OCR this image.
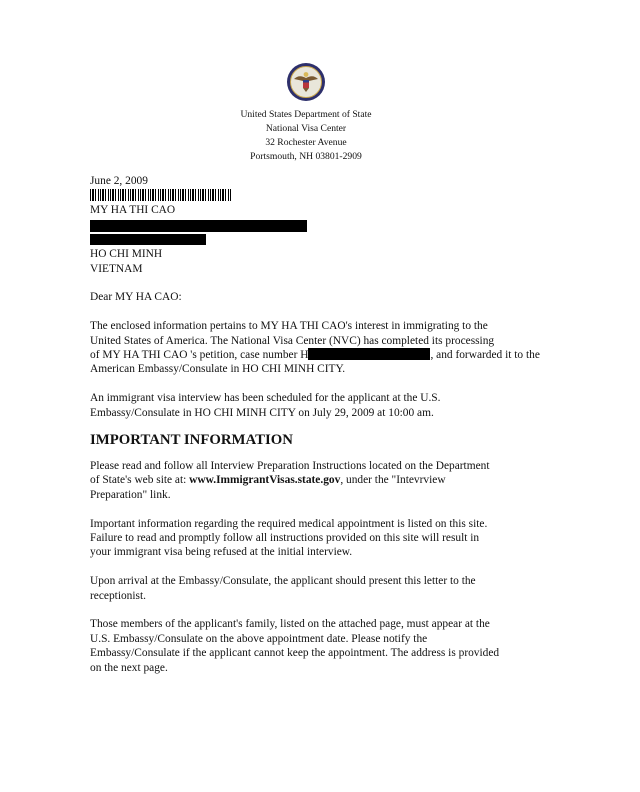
United States Department of State
National Visa Center
32 Rochester Avenue
Portsmouth, NH 03801-2909
June 2, 2009
MY HA THI CAO
HO CHI MINH
VIETNAM
Dear MY HA CAO:
The enclosed information pertains to MY HA THI CAO's interest in immigrating to the
United States of America. The National Visa Center (NVC) has completed its processing
of MY HA THI CAO 's petition, case number H	, and forwarded it to the
American Embassy/Consulate in HO CHI MINH CITY.
An immigrant visa interview has been scheduled for the applicant at the U.S.
Embassy/Consulate in HO CHI MINH CITY on July 29, 2009 at 10:00 am.
IMPORTANT INFORMATION
Please read and follow all Interview Preparation Instructions located on the Department
of State's web site at: www.ImmigrantVisas.state.gov, under the "Intevrview
Preparation" link.
Important information regarding the required medical appointment is listed on this site.
Failure to read and promptly follow all instructions provided on this site will result in
your immigrant visa being refused at the initial interview.
Upon arrival at the Embassy/Consulate, the applicant should present this letter to the
receptionist.
Those members of the applicant's family, listed on the attached page, must appear at the
U.S. Embassy/Consulate on the above appointment date. Please notify the
Embassy/Consulate if the applicant cannot keep the appointment. The address is provided
on the next page.
